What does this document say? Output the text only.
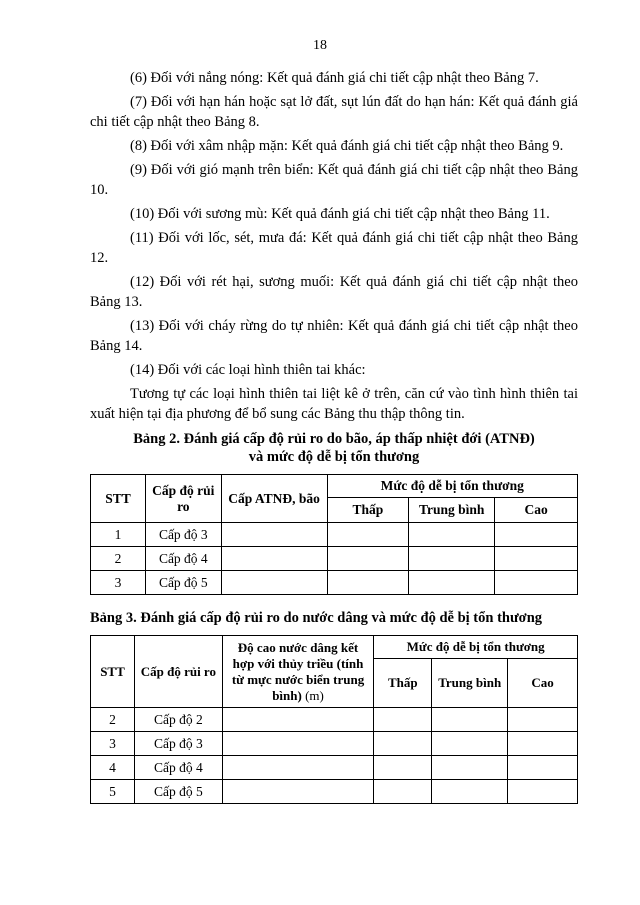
18

(6) Đối với nắng nóng: Kết quả đánh giá chi tiết cập nhật theo Bảng 7.

(7) Đối với hạn hán hoặc sạt lở đất, sụt lún đất do hạn hán: Kết quả đánh giá chi tiết cập nhật theo Bảng 8.

(8) Đối với xâm nhập mặn: Kết quả đánh giá chi tiết cập nhật theo Bảng 9.

(9) Đối với gió mạnh trên biển: Kết quả đánh giá chi tiết cập nhật theo Bảng 10.

(10) Đối với sương mù: Kết quả đánh giá chi tiết cập nhật theo Bảng 11.

(11) Đối với lốc, sét, mưa đá: Kết quả đánh giá chi tiết cập nhật theo Bảng 12.

(12) Đối với rét hại, sương muối: Kết quả đánh giá chi tiết cập nhật theo Bảng 13.

(13) Đối với cháy rừng do tự nhiên: Kết quả đánh giá chi tiết cập nhật theo Bảng 14.

(14) Đối với các loại hình thiên tai khác:

Tương tự các loại hình thiên tai liệt kê ở trên, căn cứ vào tình hình thiên tai xuất hiện tại địa phương để bổ sung các Bảng thu thập thông tin.

Bảng 2. Đánh giá cấp độ rủi ro do bão, áp thấp nhiệt đới (ATNĐ)
và mức độ dễ bị tổn thương
STT	Cấp độ rủi ro	Cấp ATNĐ, bão	Mức độ dễ bị tổn thương		
			Thấp	Trung bình	Cao
1	Cấp độ 3				
2	Cấp độ 4				
3	Cấp độ 5				
Bảng 3. Đánh giá cấp độ rủi ro do nước dâng và mức độ dễ bị tổn thương
STT	Cấp độ rủi ro	Độ cao nước dâng kết hợp với thủy triều (tính từ mực nước biển trung bình) (m)	Mức độ dễ bị tổn thương		
			Thấp	Trung bình	Cao
2	Cấp độ 2				
3	Cấp độ 3				
4	Cấp độ 4				
5	Cấp độ 5				
